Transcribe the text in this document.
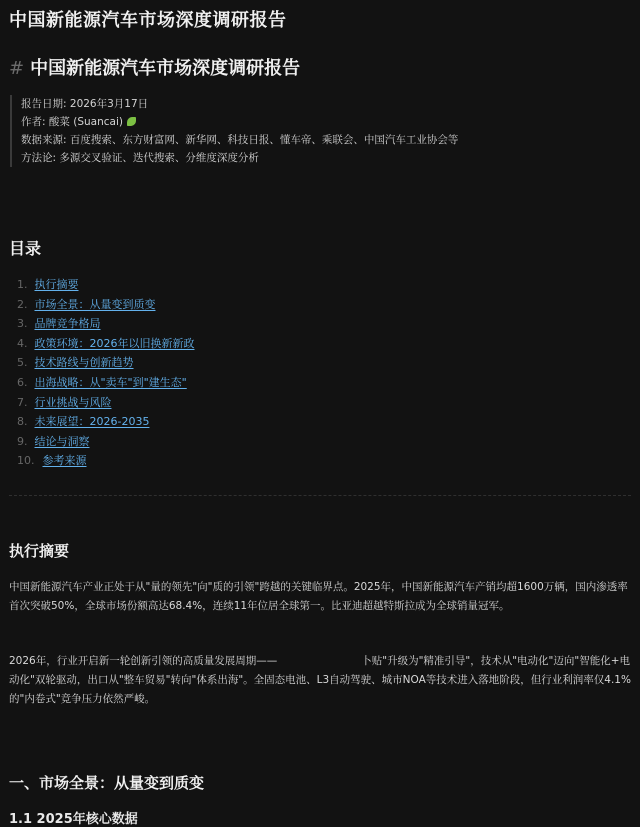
中国新能源汽车市场深度调研报告
# 中国新能源汽车市场深度调研报告
报告日期: 2026年3月17日
作者: 酸菜 (Suancai)
数据来源: 百度搜索、东方财富网、新华网、科技日报、懂车帝、乘联会、中国汽车工业协会等
方法论: 多源交叉验证、迭代搜索、分维度深度分析
目录
1. 执行摘要
2. 市场全景：从量变到质变
3. 品牌竞争格局
4. 政策环境：2026年以旧换新新政
5. 技术路线与创新趋势
6. 出海战略：从"卖车"到"建生态"
7. 行业挑战与风险
8. 未来展望：2026-2035
9. 结论与洞察
10. 参考来源
执行摘要
中国新能源汽车产业正处于从"量的领先"向"质的引领"跨越的关键临界点。2025年，中国新能源汽车产销均超1600万辆，国内渗透率首次突破50%，全球市场份额高达68.4%，连续11年位居全球第一。比亚迪超越特斯拉成为全球销量冠军。
2026年，行业开启新一轮创新引领的高质量发展周期——	卜贴"升级为"精准引导"，技术从"电动化"迈向"智能化+电动化"双轮驱动，出口从"整车贸易"转向"体系出海"。全固态电池、L3自动驾驶、城市NOA等技术进入落地阶段，但行业利润率仅4.1%的"内卷式"竞争压力依然严峻。
一、市场全景：从量变到质变
1.1 2025年核心数据
